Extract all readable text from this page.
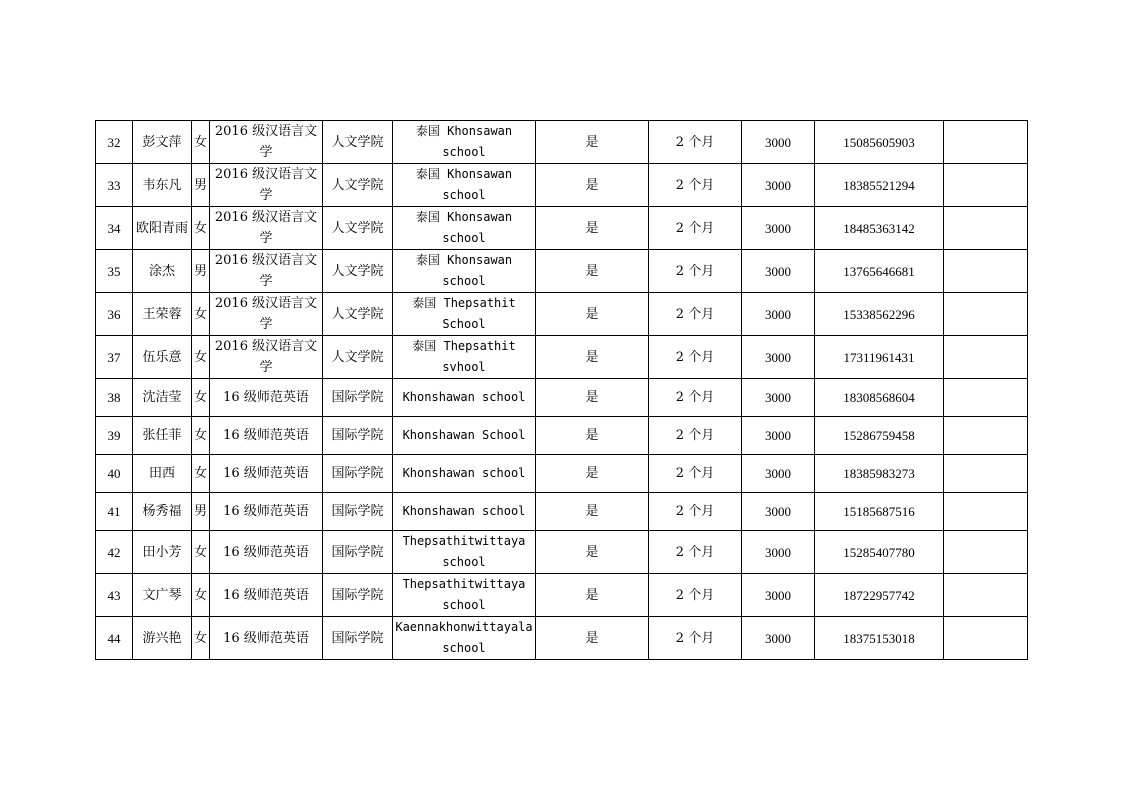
32	彭文萍	女	2016 级汉语言文学	人文学院	泰国 Khonsawan school	是	2 个月	3000	15085605903	
33	韦东凡	男	2016 级汉语言文学	人文学院	泰国 Khonsawan school	是	2 个月	3000	18385521294	
34	欧阳青雨	女	2016 级汉语言文学	人文学院	泰国 Khonsawan school	是	2 个月	3000	18485363142	
35	涂杰	男	2016 级汉语言文学	人文学院	泰国 Khonsawan school	是	2 个月	3000	13765646681	
36	王荣蓉	女	2016 级汉语言文学	人文学院	泰国 Thepsathit School	是	2 个月	3000	15338562296	
37	伍乐意	女	2016 级汉语言文学	人文学院	泰国 Thepsathit svhool	是	2 个月	3000	17311961431	
38	沈洁莹	女	16 级师范英语	国际学院	Khonshawan school	是	2 个月	3000	18308568604	
39	张任菲	女	16 级师范英语	国际学院	Khonshawan School	是	2 个月	3000	15286759458	
40	田西	女	16 级师范英语	国际学院	Khonshawan school	是	2 个月	3000	18385983273	
41	杨秀福	男	16 级师范英语	国际学院	Khonshawan school	是	2 个月	3000	15185687516	
42	田小芳	女	16 级师范英语	国际学院	Thepsathitwittaya school	是	2 个月	3000	15285407780	
43	文广琴	女	16 级师范英语	国际学院	Thepsathitwittaya school	是	2 个月	3000	18722957742	
44	游兴艳	女	16 级师范英语	国际学院	Kaennakhonwittayala school	是	2 个月	3000	18375153018	
